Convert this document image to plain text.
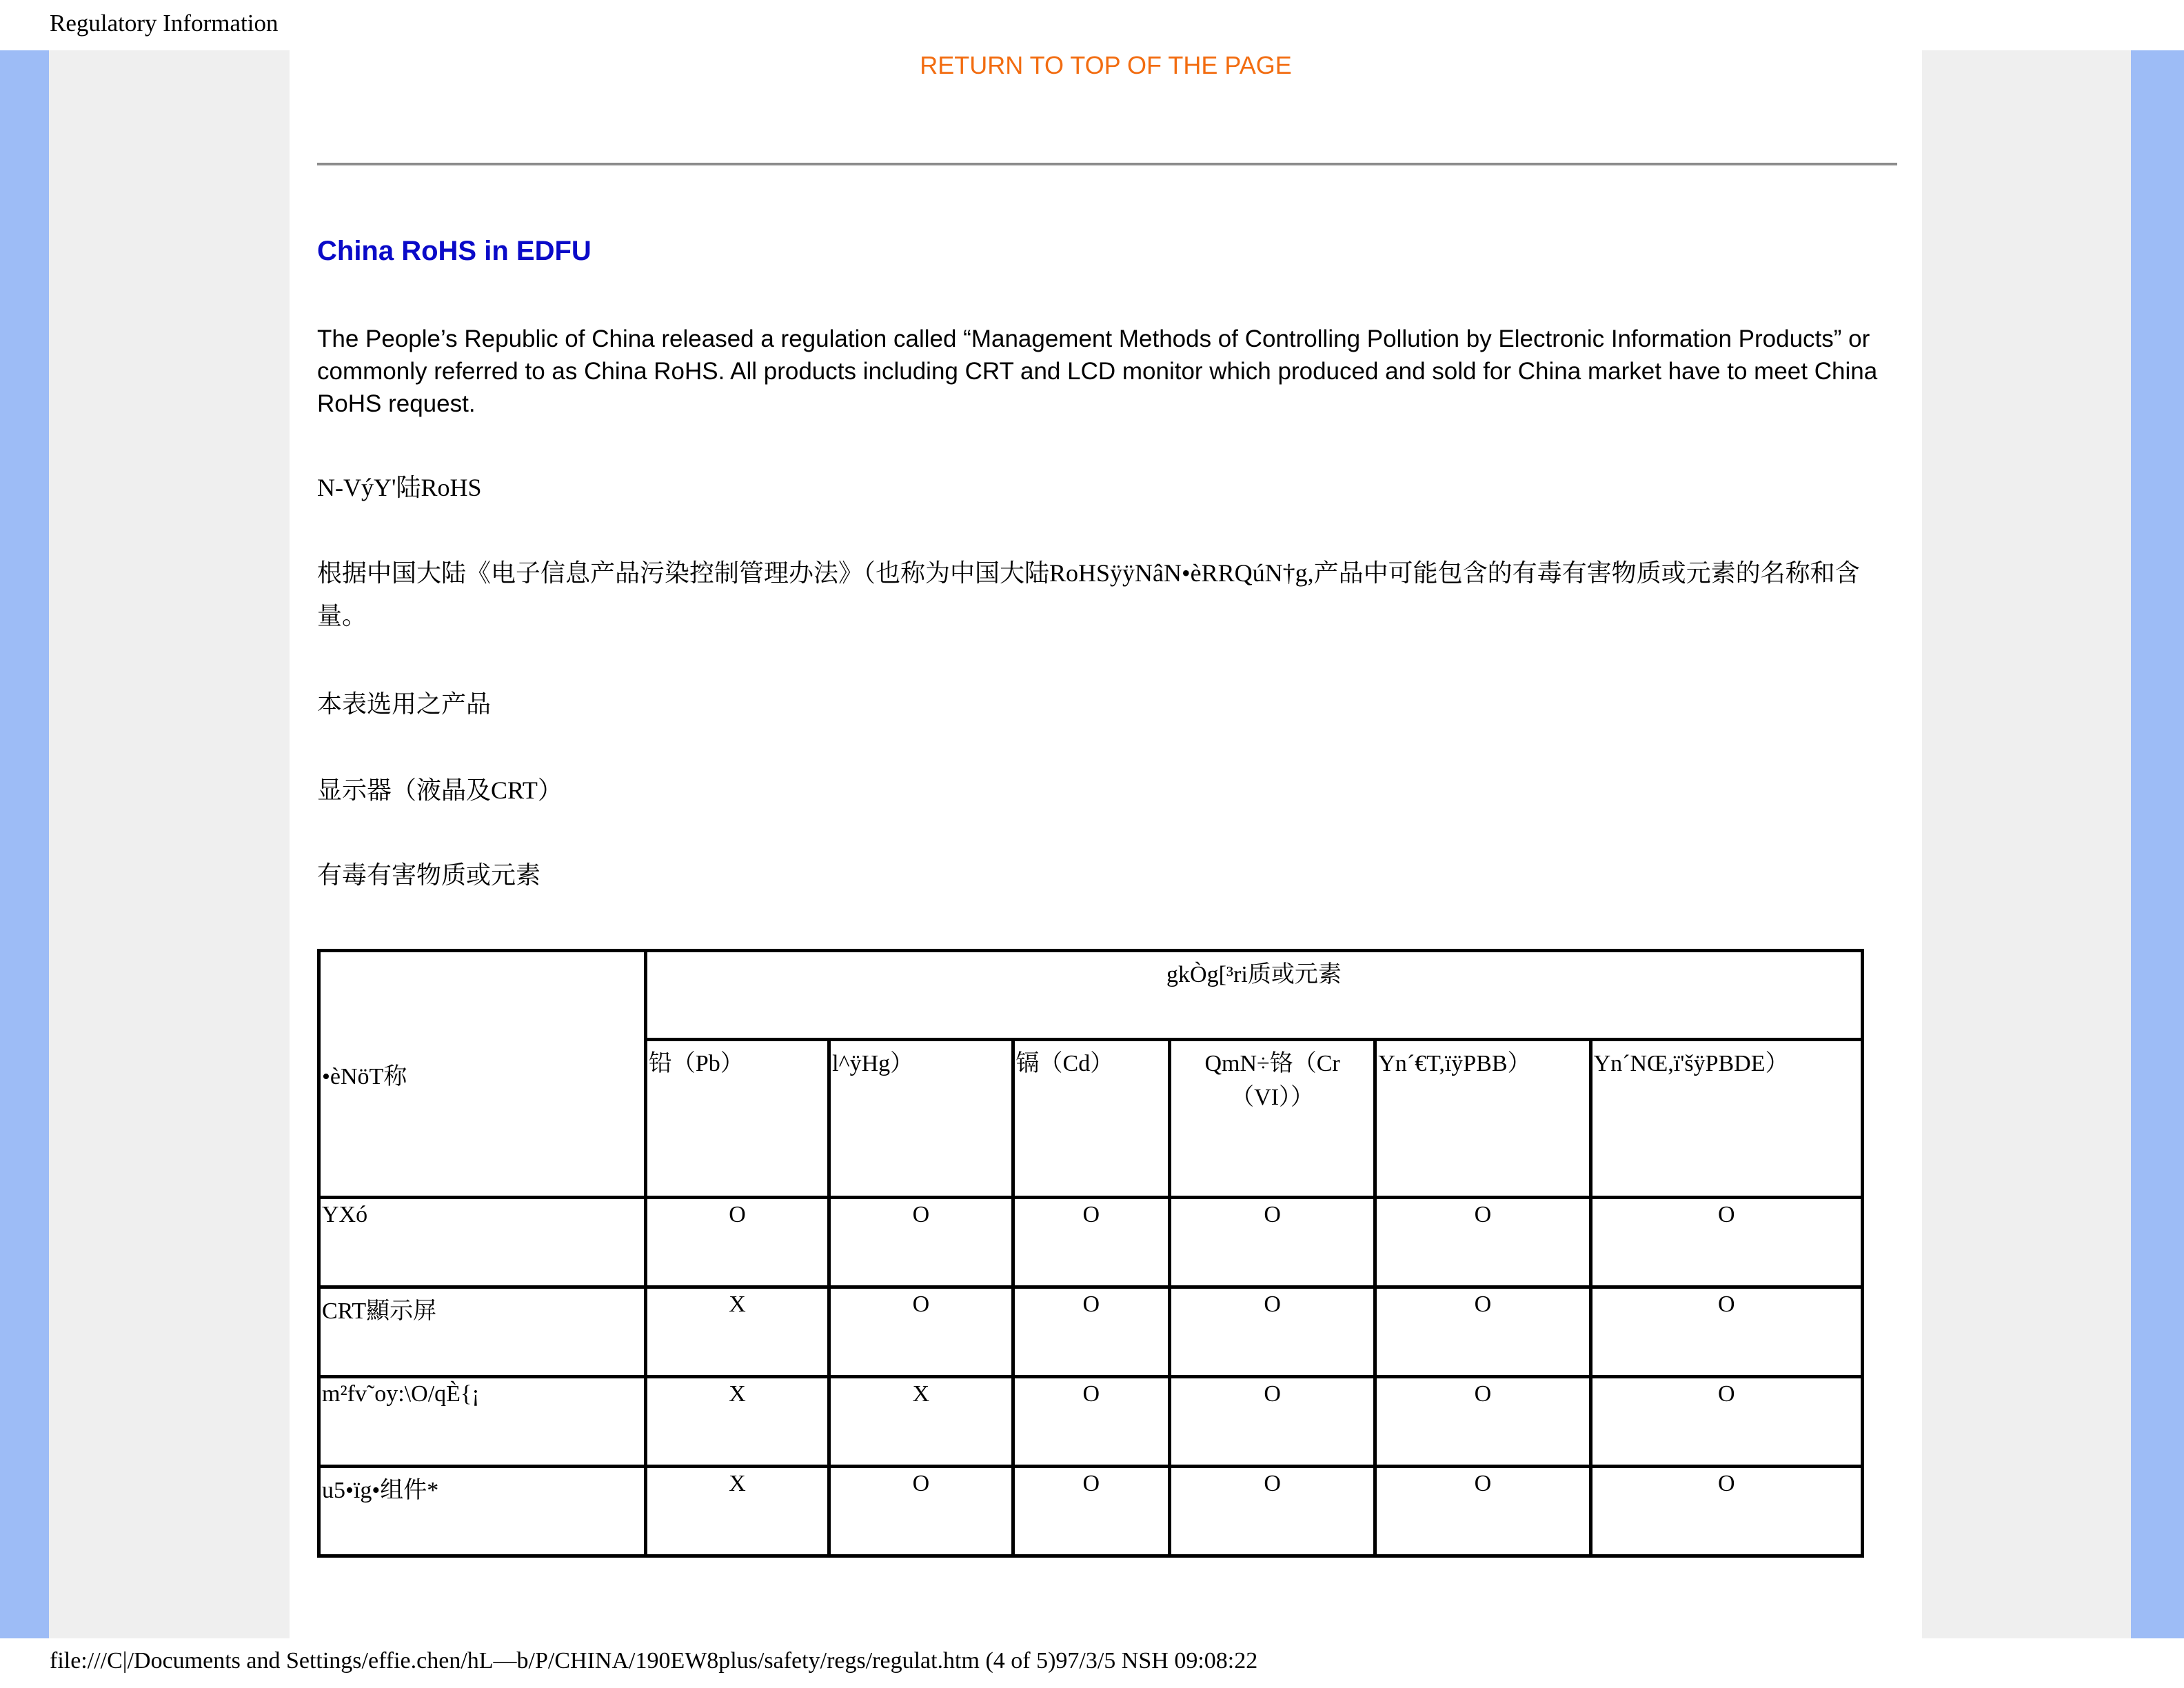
Regulatory Information
RETURN TO TOP OF THE PAGE
China RoHS in EDFU
The People’s Republic of China released a regulation called “Management Methods of Controlling Pollution by Electronic Information Products” or commonly referred to as China RoHS. All products including CRT and LCD monitor which produced and sold for China market have to meet China RoHS request.
N-VýY'陆RoHS
根据中国大陆《电子信息产品污染控制管理办法》（也称为中国大陆RoHSÿÿNâN•èRRQúN†g,产品中可能包含的有毒有害物质或元素的名称和含量。
本表选用之产品
显示器（液晶及CRT）
有毒有害物质或元素
•èNöT称	gkÒg[³ri质或元素					
	铅（Pb）	l^ÿHg）	镉（Cd）	QmN÷铬（Cr（VI））	Yn´€T,ïÿPBB）	Yn´NŒ,ï'šÿPBDE）
YXó	O	O	O	O	O	O
CRT顯示屏	X	O	O	O	O	O
m²fv˜oy:\O/qÈ{¡	X	X	O	O	O	O
u5•ïg•组件*	X	O	O	O	O	O
file:///C|/Documents and Settings/effie.chen/hL—b/P/CHINA/190EW8plus/safety/regs/regulat.htm (4 of 5)97/3/5 NSH 09:08:22
